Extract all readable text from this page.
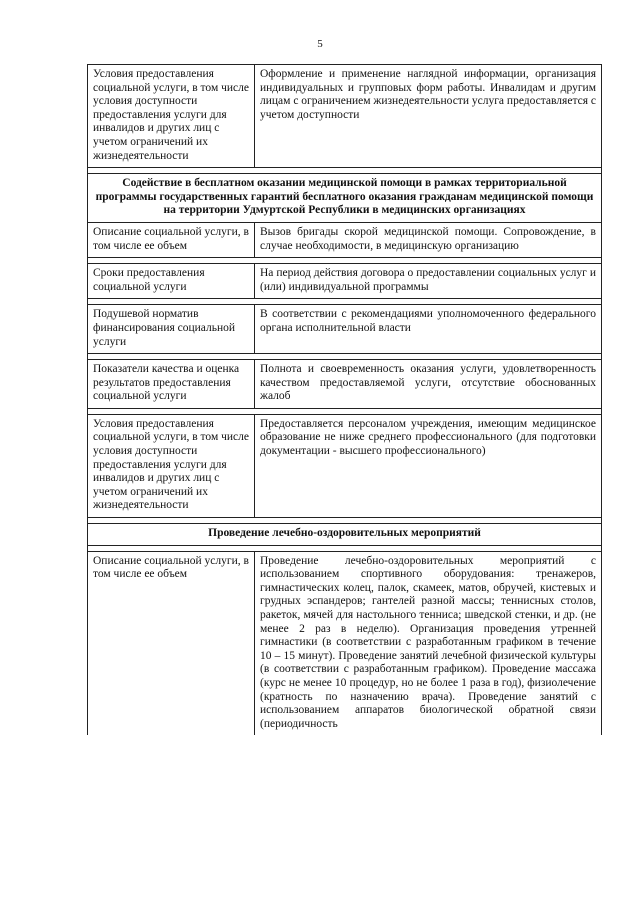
5
Условия предоставления социальной услуги, в том числе условия доступности предоставления услуги для инвалидов и других лиц с учетом ограничений их жизнедеятельности	Оформление и применение наглядной информации, организация индивидуальных и групповых форм работы. Инвалидам и другим лицам с ограничением жизнедеятельности услуга предоставляется с учетом доступности

Содействие в бесплатном оказании медицинской помощи в рамках территориальной программы государственных гарантий бесплатного оказания гражданам медицинской помощи на территории Удмуртской Республики в медицинских организациях	
Описание социальной услуги, в том числе ее объем	Вызов бригады скорой медицинской помощи. Сопровождение, в случае необходимости, в медицинскую организацию

Сроки предоставления социальной услуги	На период действия договора о предоставлении социальных услуг и (или) индивидуальной программы

Подушевой норматив финансирования социальной услуги	В соответствии с рекомендациями уполномоченного федерального органа исполнительной власти

Показатели качества и оценка результатов предоставления социальной услуги	Полнота и своевременность оказания услуги, удовлетворенность качеством предоставляемой услуги, отсутствие обоснованных жалоб

Условия предоставления социальной услуги, в том числе условия доступности предоставления услуги для инвалидов и других лиц с учетом ограничений их жизнедеятельности	Предоставляется персоналом учреждения, имеющим медицинское образование не ниже среднего профессионального (для подготовки документации - высшего профессионального)

Проведение лечебно-оздоровительных мероприятий	

Описание социальной услуги, в том числе ее объем	Проведение лечебно-оздоровительных мероприятий с использованием спортивного оборудования: тренажеров, гимнастических колец, палок, скамеек, матов, обручей, кистевых и грудных эспандеров; гантелей разной массы; теннисных столов, ракеток, мячей для настольного тенниса; шведской стенки, и др. (не менее 2 раз в неделю). Организация проведения утренней гимнастики (в соответствии с разработанным графиком в течение 10 – 15 минут). Проведение занятий лечебной физической культуры (в соответствии с разработанным графиком). Проведение массажа (курс не менее 10 процедур, но не более 1 раза в год), физиолечение (кратность по назначению врача). Проведение занятий с использованием аппаратов биологической обратной связи (периодичность
